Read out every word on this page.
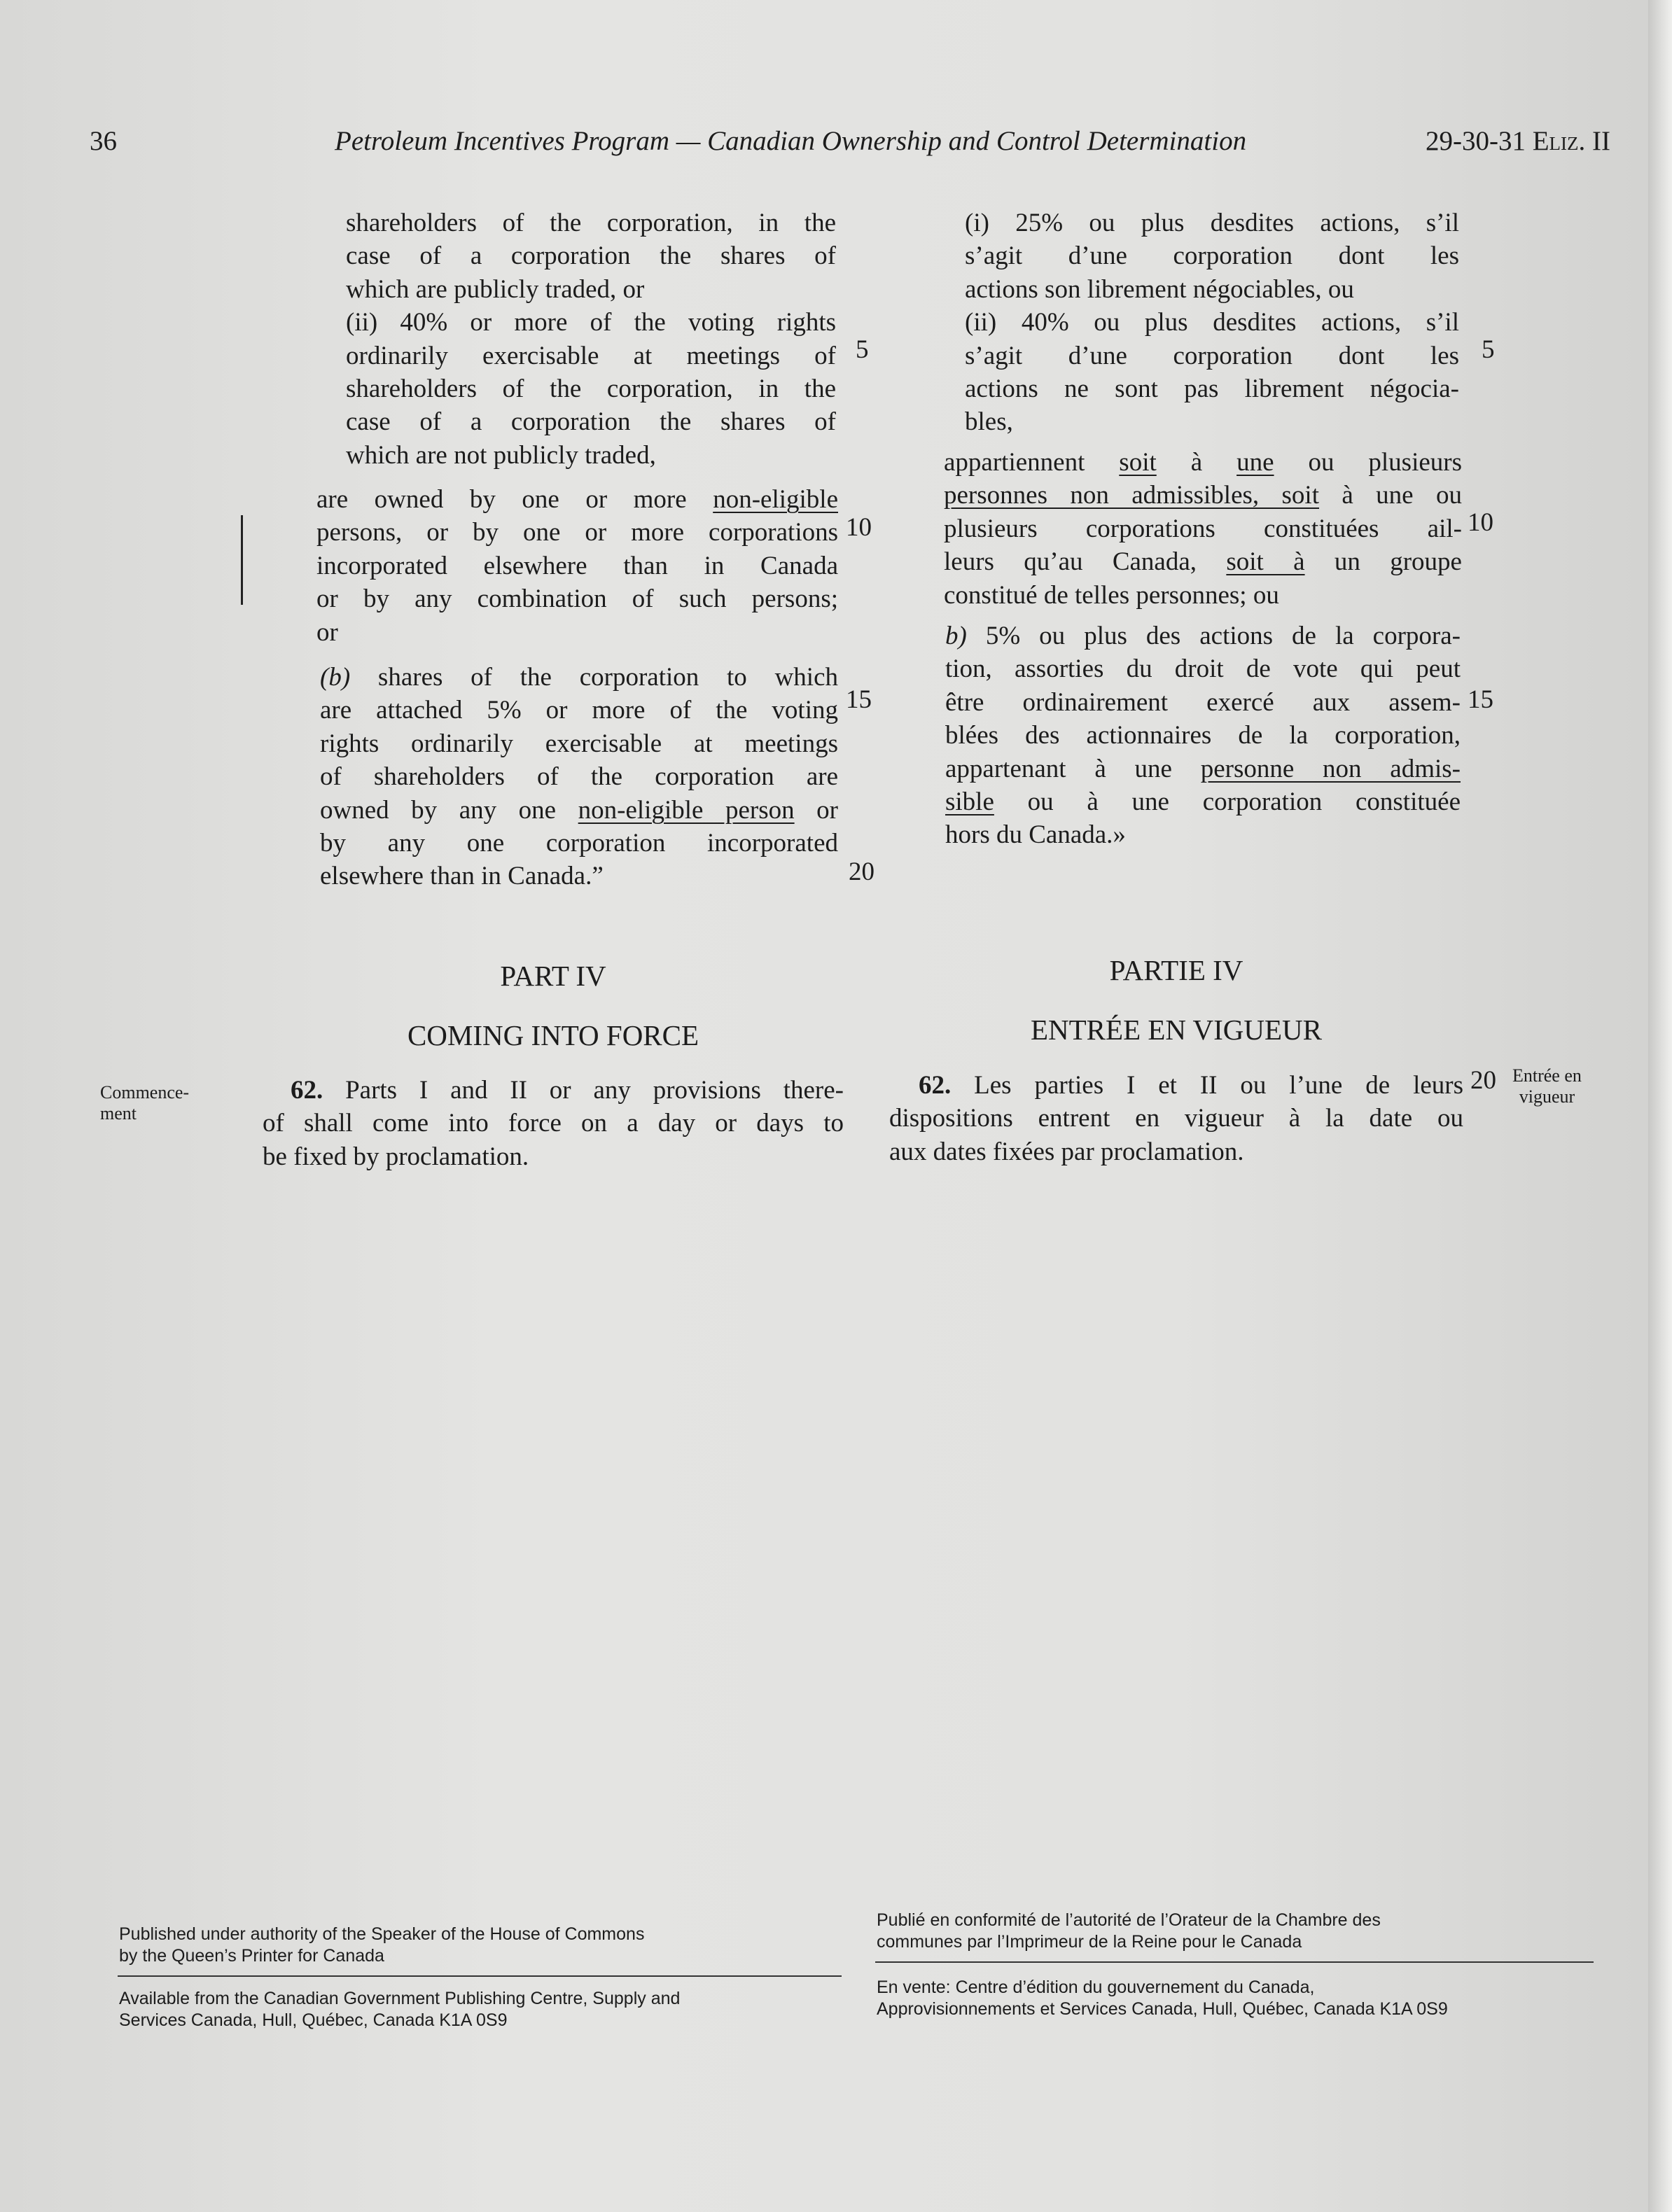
36	Petroleum Incentives Program — Canadian Ownership and Control Determination	29-30-31 Eliz. II
shareholders of the corporation, in the
case of a corporation the shares of
which are publicly traded, or
(ii) 40% or more of the voting rights
ordinarily exercisable at meetings of
shareholders of the corporation, in the
case of a corporation the shares of
which are not publicly traded,
are owned by one or more non-eligible
persons, or by one or more corporations
incorporated elsewhere than in Canada
or by any combination of such persons;
or
(b) shares of the corporation to which
are attached 5% or more of the voting
rights ordinarily exercisable at meetings
of shareholders of the corporation are
owned by any one non-eligible person or
by any one corporation incorporated
elsewhere than in Canada.”
5
10
15
20
PART IV
COMING INTO FORCE
Commence-
ment
62. Parts I and II or any provisions there-
of shall come into force on a day or days to
be fixed by proclamation.
(i) 25% ou plus desdites actions, s’il
s’agit d’une corporation dont les
actions son librement négociables, ou
(ii) 40% ou plus desdites actions, s’il
s’agit d’une corporation dont les
actions ne sont pas librement négocia-
bles,
appartiennent soit à une ou plusieurs
personnes non admissibles, soit à une ou
plusieurs corporations constituées ail-
leurs qu’au Canada, soit à un groupe
constitué de telles personnes; ou
b) 5% ou plus des actions de la corpora-
tion, assorties du droit de vote qui peut
être ordinairement exercé aux assem-
blées des actionnaires de la corporation,
appartenant à une personne non admis-
sible ou à une corporation constituée
hors du Canada.»
5
10
15
20
PARTIE IV
ENTRÉE EN VIGUEUR
Entrée en
vigueur
62. Les parties I et II ou l’une de leurs
dispositions entrent en vigueur à la date ou
aux dates fixées par proclamation.
Published under authority of the Speaker of the House of Commons
by the Queen’s Printer for Canada
Available from the Canadian Government Publishing Centre, Supply and
Services Canada, Hull, Québec, Canada K1A 0S9
Publié en conformité de l’autorité de l’Orateur de la Chambre des
communes par l’Imprimeur de la Reine pour le Canada
En vente: Centre d’édition du gouvernement du Canada,
Approvisionnements et Services Canada, Hull, Québec, Canada K1A 0S9
